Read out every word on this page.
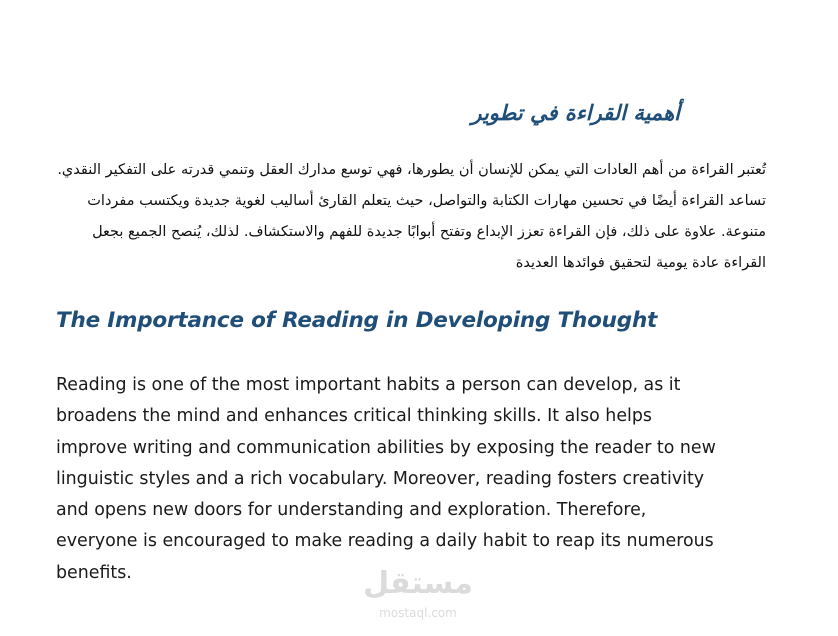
أهمية القراءة في تطوير

تُعتبر القراءة من أهم العادات التي يمكن للإنسان أن يطورها، فهي توسع مدارك العقل وتنمي قدرته على التفكير النقدي. تساعد القراءة أيضًا في تحسين مهارات الكتابة والتواصل، حيث يتعلم القارئ أساليب لغوية جديدة ويكتسب مفردات متنوعة. علاوة على ذلك، فإن القراءة تعزز الإبداع وتفتح أبوابًا جديدة للفهم والاستكشاف. لذلك، يُنصح الجميع بجعل القراءة عادة يومية لتحقيق فوائدها العديدة

The Importance of Reading in Developing Thought
Reading is one of the most important habits a person can develop, as it
broadens the mind and enhances critical thinking skills. It also helps
improve writing and communication abilities by exposing the reader to new
linguistic styles and a rich vocabulary. Moreover, reading fosters creativity
and opens new doors for understanding and exploration. Therefore,
everyone is encouraged to make reading a daily habit to reap its numerous
benefits.	مستقل
mostaql.com
